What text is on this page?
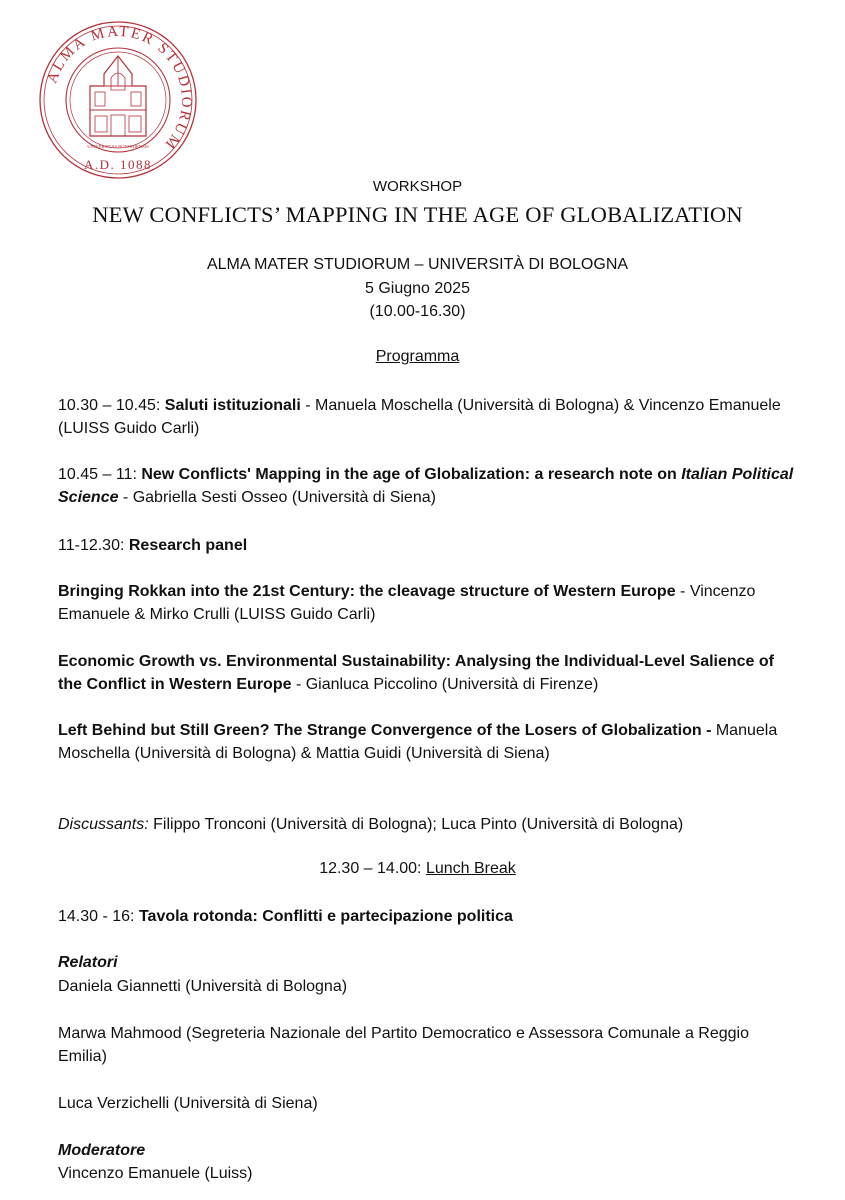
ALMA MATER STUDIORUM
A.D. 1088
UNIVERSITAS BONONIENSIS
WORKSHOP
NEW CONFLICTS’ MAPPING IN THE AGE OF GLOBALIZATION
ALMA MATER STUDIORUM – UNIVERSITÀ DI BOLOGNA
5 Giugno 2025
(10.00-16.30)
Programma

10.30 – 10.45: Saluti istituzionali - Manuela Moschella (Università di Bologna) & Vincenzo Emanuele (LUISS Guido Carli)

10.45 – 11: New Conflicts' Mapping in the age of Globalization: a research note on Italian Political Science - Gabriella Sesti Osseo (Università di Siena)

11-12.30: Research panel

Bringing Rokkan into the 21st Century: the cleavage structure of Western Europe - Vincenzo Emanuele & Mirko Crulli (LUISS Guido Carli)

Economic Growth vs. Environmental Sustainability: Analysing the Individual-Level Salience of the Conflict in Western Europe - Gianluca Piccolino (Università di Firenze)

Left Behind but Still Green? The Strange Convergence of the Losers of Globalization - Manuela Moschella (Università di Bologna) & Mattia Guidi (Università di Siena)

Discussants: Filippo Tronconi (Università di Bologna); Luca Pinto (Università di Bologna)

12.30 – 14.00: Lunch Break

14.30 - 16: Tavola rotonda: Conflitti e partecipazione politica

Relatori

Daniela Giannetti (Università di Bologna)

Marwa Mahmood (Segreteria Nazionale del Partito Democratico e Assessora Comunale a Reggio Emilia)

Luca Verzichelli (Università di Siena)

Moderatore

Vincenzo Emanuele (Luiss)
